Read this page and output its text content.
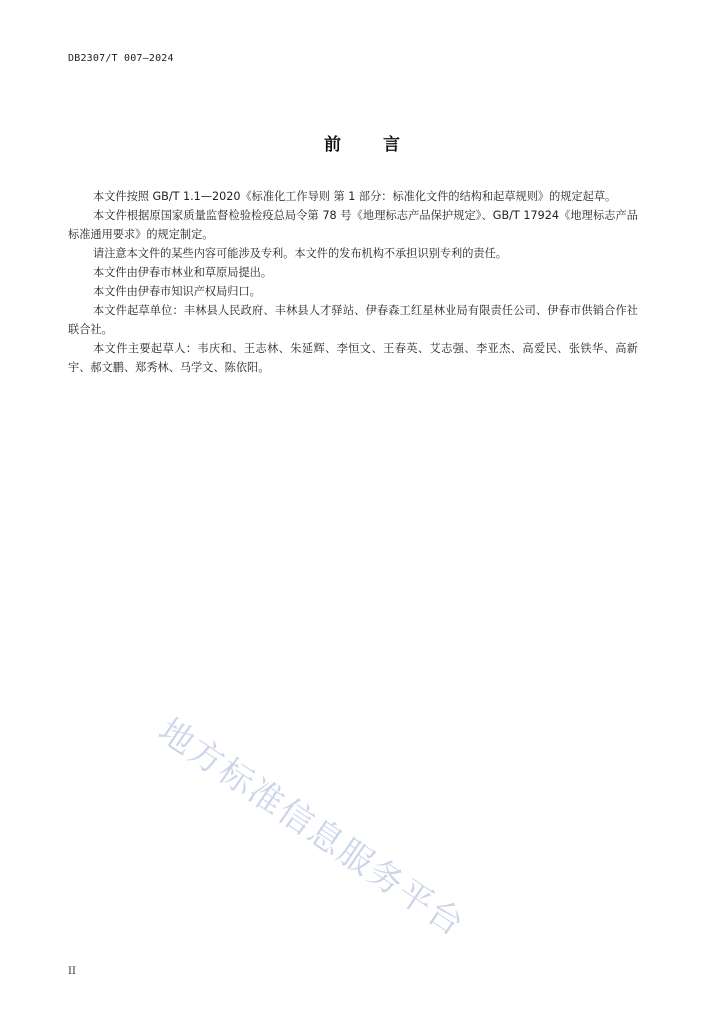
DB2307/T 007—2024
前言

本文件按照 GB/T 1.1—2020《标准化工作导则 第 1 部分：标准化文件的结构和起草规则》的规定起草。

本文件根据原国家质量监督检验检疫总局令第 78 号《地理标志产品保护规定》、GB/T 17924《地理标志产品标准通用要求》的规定制定。

请注意本文件的某些内容可能涉及专利。本文件的发布机构不承担识别专利的责任。

本文件由伊春市林业和草原局提出。

本文件由伊春市知识产权局归口。

本文件起草单位：丰林县人民政府、丰林县人才驿站、伊春森工红星林业局有限责任公司、伊春市供销合作社联合社。

本文件主要起草人：韦庆和、王志林、朱延辉、李恒文、王春英、艾志强、李亚杰、高爱民、张铁华、高新宇、郝文鹏、郑秀林、马学文、陈依阳。

地方标准信息服务平台
II
